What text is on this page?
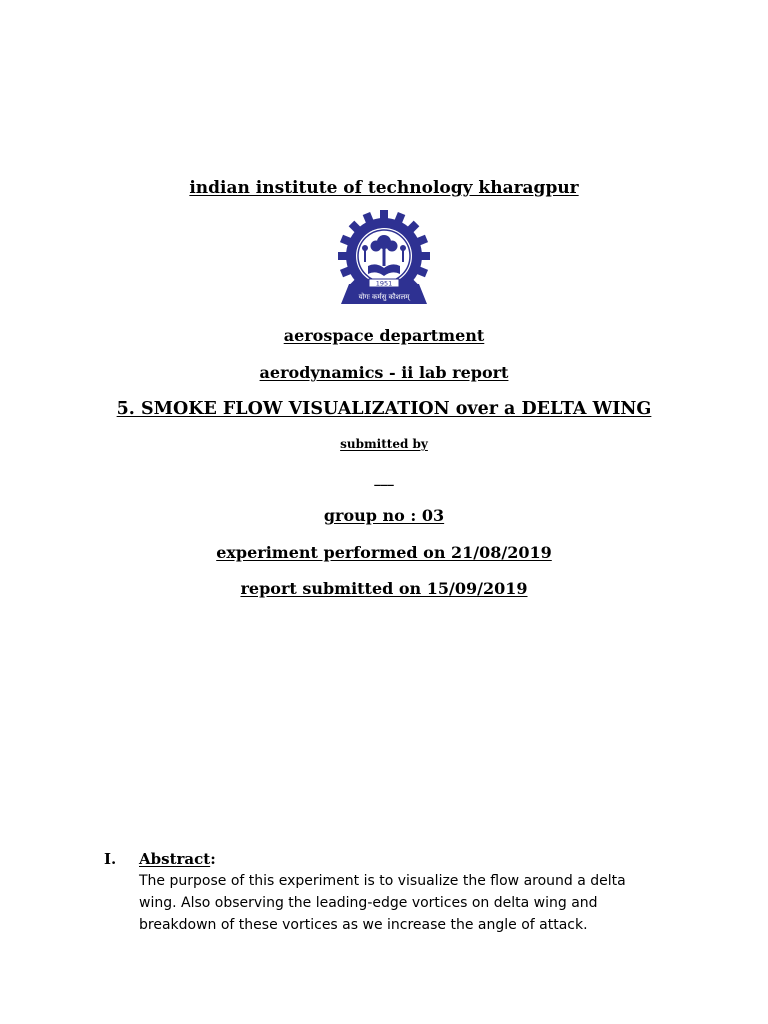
indian institute of technology kharagpur
1951
योगः कर्मसु कौशलम्
aerospace department
aerodynamics - ii lab report
5. SMOKE FLOW VISUALIZATION over a DELTA WING
submitted by
___
group no : 03
experiment performed on 21/08/2019
report submitted on 15/09/2019
I. Abstract:
The purpose of this experiment is to visualize the flow around a delta
wing. Also observing the leading-edge vortices on delta wing and
breakdown of these vortices as we increase the angle of attack.
